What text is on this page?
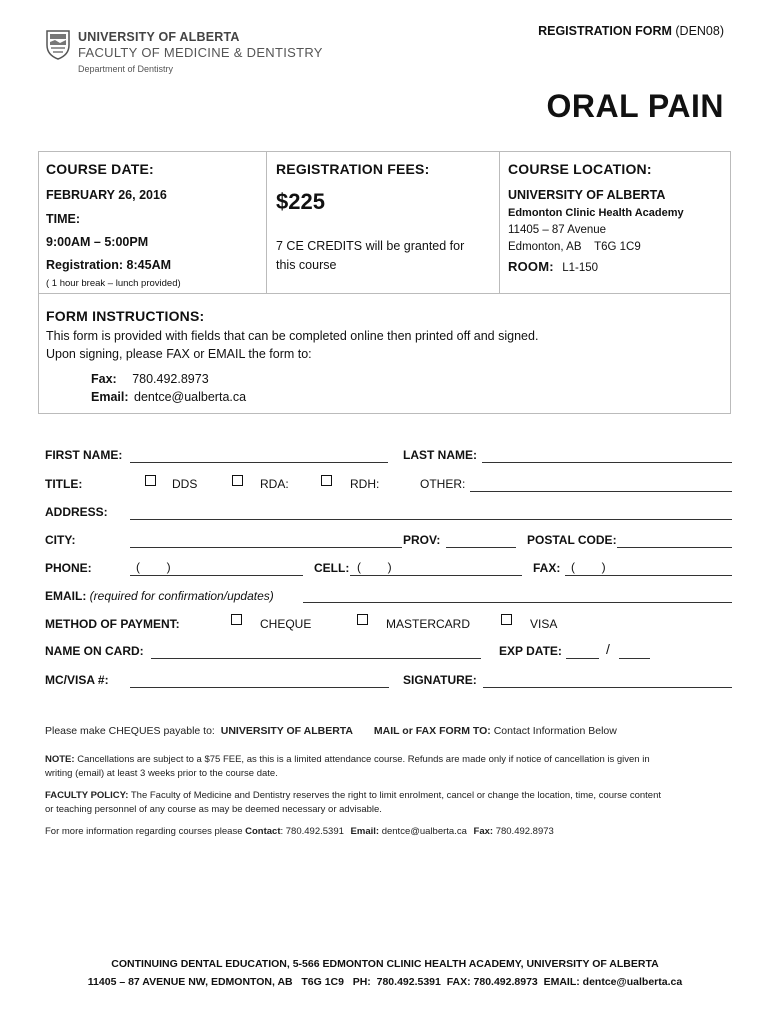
UNIVERSITY OF ALBERTA
FACULTY OF MEDICINE & DENTISTRY
Department of Dentistry
REGISTRATION FORM (DEN08)
ORAL PAIN
COURSE DATE:
FEBRUARY 26, 2016
TIME:
9:00AM – 5:00PM
Registration: 8:45AM
( 1 hour break – lunch provided)
REGISTRATION FEES:
$225
7 CE CREDITS will be granted for this course
COURSE LOCATION:
UNIVERSITY OF ALBERTA
Edmonton Clinic Health Academy
11405 – 87 Avenue
Edmonton, AB    T6G 1C9
ROOM: L1-150
FORM INSTRUCTIONS:
This form is provided with fields that can be completed online then printed off and signed.
Upon signing, please FAX or EMAIL the form to:
Fax: 780.492.8973
Email: dentce@ualberta.ca
FIRST NAME:	LAST NAME:
TITLE:	DDS	RDA:	RDH:	OTHER:
ADDRESS:
CITY:	PROV:	POSTAL CODE:
PHONE:	(        )	CELL: (        )	FAX: (        )
EMAIL: (required for confirmation/updates)
METHOD OF PAYMENT:	CHEQUE	MASTERCARD	VISA
NAME ON CARD:	EXP DATE:	/
MC/VISA #:	SIGNATURE:
Please make CHEQUES payable to: UNIVERSITY OF ALBERTA MAIL or FAX FORM TO: Contact Information Below
NOTE: Cancellations are subject to a $75 FEE, as this is a limited attendance course. Refunds are made only if notice of cancellation is given in
writing (email) at least 3 weeks prior to the course date.
FACULTY POLICY: The Faculty of Medicine and Dentistry reserves the right to limit enrolment, cancel or change the location, time, course content
or teaching personnel of any course as may be deemed necessary or advisable.
For more information regarding courses please Contact: 780.492.5391 Email: dentce@ualberta.ca Fax: 780.492.8973
CONTINUING DENTAL EDUCATION, 5-566 EDMONTON CLINIC HEALTH ACADEMY, UNIVERSITY OF ALBERTA
11405 – 87 AVENUE NW, EDMONTON, AB   T6G 1C9   PH:  780.492.5391  FAX: 780.492.8973  EMAIL: dentce@ualberta.ca
